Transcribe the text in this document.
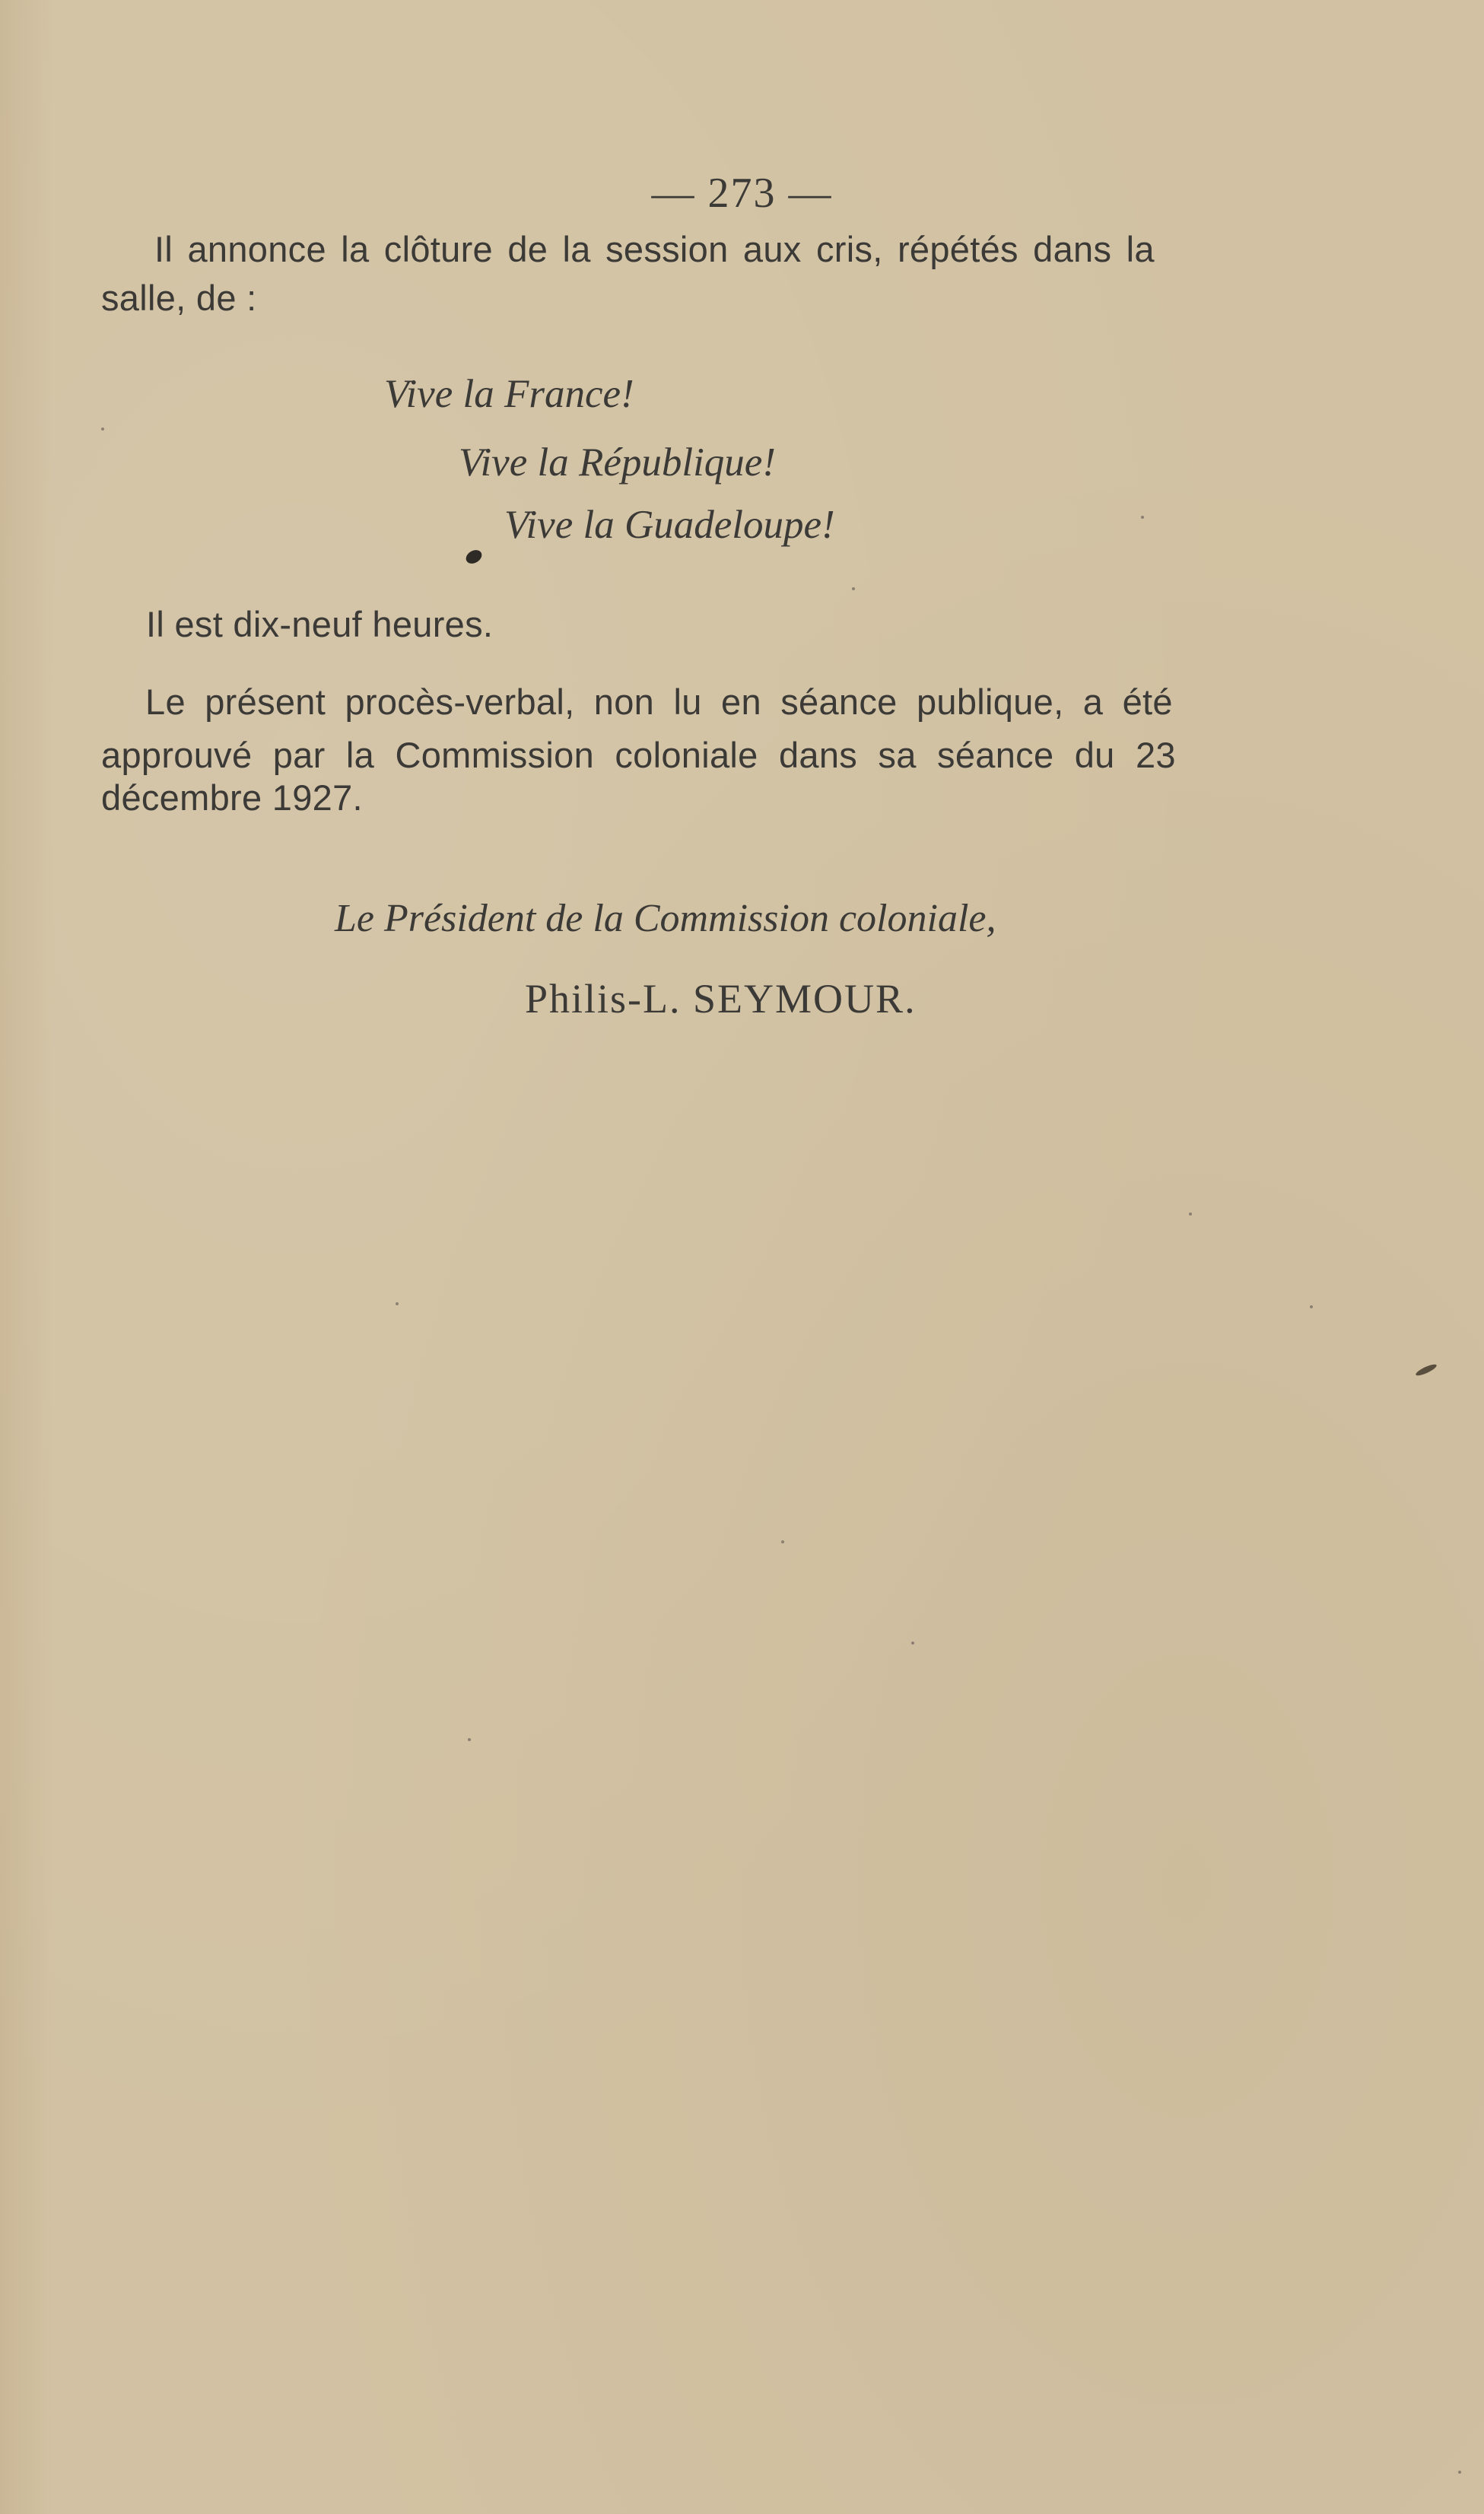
— 273 —
Il annonce la clôture de la session aux cris, répétés dans la
salle, de :
Vive la France!
Vive la République!
Vive la Guadeloupe!
Il est dix-neuf heures.
Le présent procès-verbal, non lu en séance publique, a été
approuvé par la Commission coloniale dans sa séance du 23
décembre 1927.
Le Président de la Commission coloniale,
Philis-L. SEYMOUR.
